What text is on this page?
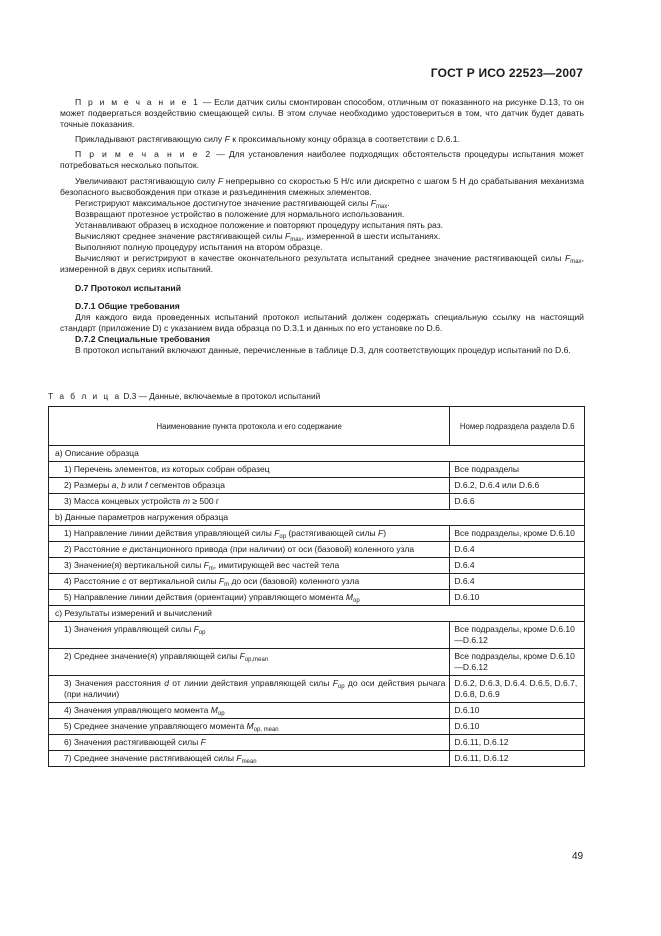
ГОСТ Р ИСО 22523—2007

П р и м е ч а н и е 1 — Если датчик силы смонтирован способом, отличным от показанного на рисунке D.13, то он может подвергаться воздействию смещающей силы. В этом случае необходимо удостовериться в том, что датчик будет давать точные показания.

Прикладывают растягивающую силу F к проксимальному концу образца в соответствии с D.6.1.

П р и м е ч а н и е 2 — Для установления наиболее подходящих обстоятельств процедуры испытания может потребоваться несколько попыток.

Увеличивают растягивающую силу F непрерывно со скоростью 5 Н/с или дискретно с шагом 5 Н до срабатывания механизма безопасного высвобождения при отказе и разъединения смежных элементов.

Регистрируют максимальное достигнутое значение растягивающей силы $F_{max}$.

Возвращают протезное устройство в положение для нормального использования.

Устанавливают образец в исходное положение и повторяют процедуру испытания пять раз.

Вычисляют среднее значение растягивающей силы $F_{max}$, измеренной в шести испытаниях.

Выполняют полную процедуру испытания на втором образце.

Вычисляют и регистрируют в качестве окончательного результата испытаний среднее значение растягивающей силы $F_{max}$, измеренной в двух сериях испытаний.

D.7 Протокол испытаний

D.7.1 Общие требования

Для каждого вида проведенных испытаний протокол испытаний должен содержать специальную ссылку на настоящий стандарт (приложение D) с указанием вида образца по D.3.1 и данных по его установке по D.6.

D.7.2 Специальные требования

В протокол испытаний включают данные, перечисленные в таблице D.3, для соответствующих процедур испытаний по D.6.

Т а б л и ц а D.3 — Данные, включаемые в протокол испытаний
Наименование пункта протокола и его содержание	Номер подраздела раздела D.6
a) Описание образца	
1) Перечень элементов, из которых собран образец	Все подразделы
2) Размеры a, b или f сегментов образца	D.6.2, D.6.4 или D.6.6
3) Масса концевых устройств m ≥ 500 г	D.6.6
b) Данные параметров нагружения образца	
1) Направление линии действия управляющей силы $F_{op}$ (растягивающей силы F)	Все подразделы, кроме D.6.10
2) Расстояние e дистанционного привода (при наличии) от оси (базовой) коленного узла	D.6.4
3) Значение(я) вертикальной силы $F_m$, имитирующей вес частей тела	D.6.4
4) Расстояние c от вертикальной силы $F_m$ до оси (базовой) коленного узла	D.6.4
5) Направление линии действия (ориентации) управляющего момента $M_{op}$	D.6.10
c) Результаты измерений и вычислений	
1) Значения управляющей силы $F_{op}$	Все подразделы, кроме D.6.10—D.6.12
2) Среднее значение(я) управляющей силы $F_{op,mean}$	Все подразделы, кроме D.6.10—D.6.12
3) Значения расстояния d от линии действия управляющей силы $F_{op}$ до оси действия рычага (при наличии)	D.6.2, D.6.3, D.6.4. D.6.5, D.6.7, D.6.8, D.6.9
4) Значения управляющего момента $M_{op}$	D.6.10
5) Среднее значение управляющего момента $M_{op, mean}$	D.6.10
6) Значения растягивающей силы F	D.6.11, D.6.12
7) Среднее значение растягивающей силы $F_{mean}$	D.6.11, D.6.12
49
